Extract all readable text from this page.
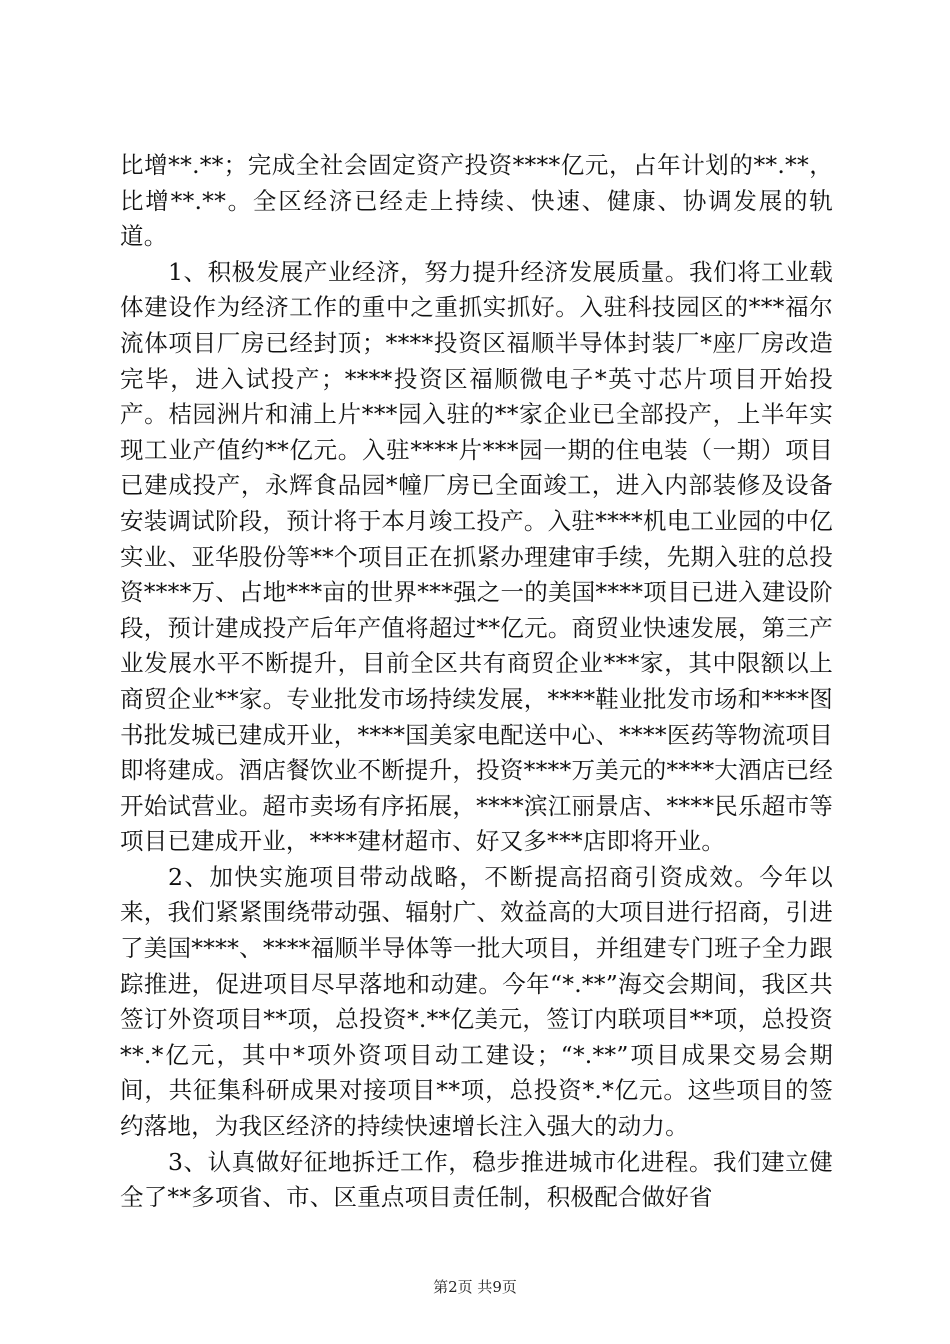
比增**.**；完成全社会固定资产投资****亿元，占年计划的**.**，比增**.**。全区经济已经走上持续、快速、健康、协调发展的轨道。

1、积极发展产业经济，努力提升经济发展质量。我们将工业载体建设作为经济工作的重中之重抓实抓好。入驻科技园区的***福尔流体项目厂房已经封顶；****投资区福顺半导体封装厂*座厂房改造完毕，进入试投产；****投资区福顺微电子*英寸芯片项目开始投产。桔园洲片和浦上片***园入驻的**家企业已全部投产，上半年实现工业产值约**亿元。入驻****片***园一期的住电装（一期）项目已建成投产，永辉食品园*幢厂房已全面竣工，进入内部装修及设备安装调试阶段，预计将于本月竣工投产。入驻****机电工业园的中亿实业、亚华股份等**个项目正在抓紧办理建审手续，先期入驻的总投资****万、占地***亩的世界***强之一的美国****项目已进入建设阶段，预计建成投产后年产值将超过**亿元。商贸业快速发展，第三产业发展水平不断提升，目前全区共有商贸企业***家，其中限额以上商贸企业**家。专业批发市场持续发展，****鞋业批发市场和****图书批发城已建成开业，****国美家电配送中心、****医药等物流项目即将建成。酒店餐饮业不断提升，投资****万美元的****大酒店已经开始试营业。超市卖场有序拓展，****滨江丽景店、****民乐超市等项目已建成开业，****建材超市、好又多***店即将开业。

2、加快实施项目带动战略，不断提高招商引资成效。今年以来，我们紧紧围绕带动强、辐射广、效益高的大项目进行招商，引进了美国****、****福顺半导体等一批大项目，并组建专门班子全力跟踪推进，促进项目尽早落地和动建。今年“*.**”海交会期间，我区共签订外资项目**项，总投资*.**亿美元，签订内联项目**项，总投资**.*亿元，其中*项外资项目动工建设；“*.**”项目成果交易会期间，共征集科研成果对接项目**项，总投资*.*亿元。这些项目的签约落地，为我区经济的持续快速增长注入强大的动力。

3、认真做好征地拆迁工作，稳步推进城市化进程。我们建立健全了**多项省、市、区重点项目责任制，积极配合做好省

第2页 共9页
